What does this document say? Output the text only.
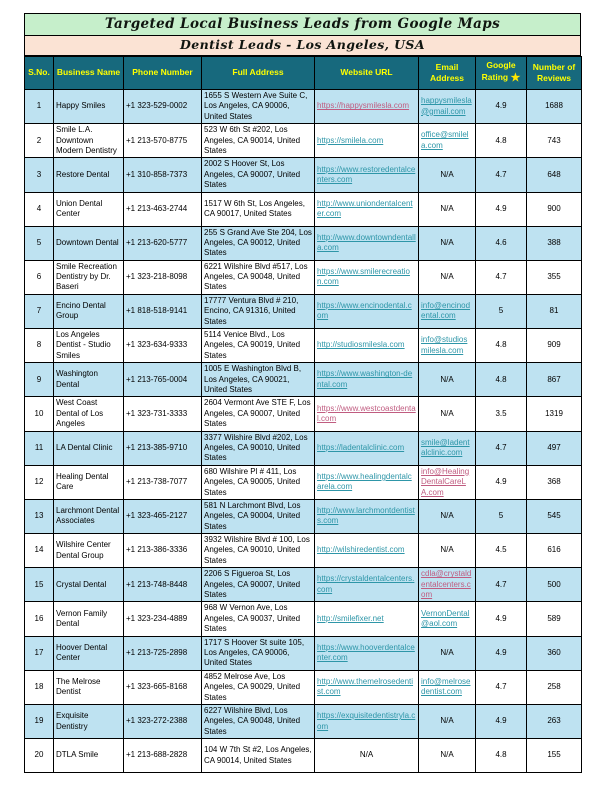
Targeted Local Business Leads from Google Maps
Dentist Leads - Los Angeles, USA
S.No.	Business Name	Phone Number	Full Address	Website URL	Email Address	Google Rating ★	Number of Reviews
1	Happy Smiles	+1 323-529-0002	1655 S Western Ave Suite C, Los Angeles, CA 90006, United States	https://happysmilesla.com	happysmilesla@gmail.com	4.9	1688
2	Smile L.A. Downtown Modern Dentistry	+1 213-570-8775	523 W 6th St #202, Los Angeles, CA 90014, United States	https://smilela.com	office@smilela.com	4.8	743
3	Restore Dental	+1 310-858-7373	2002 S Hoover St, Los Angeles, CA 90007, United States	https://www.restoredentalcenters.com	N/A	4.7	648
4	Union Dental Center	+1 213-463-2744	1517 W 6th St, Los Angeles, CA 90017, United States	http://www.uniondentalcenter.com	N/A	4.9	900
5	Downtown Dental	+1 213-620-5777	255 S Grand Ave Ste 204, Los Angeles, CA 90012, United States	http://www.downtowndentalla.com	N/A	4.6	388
6	Smile Recreation Dentistry by Dr. Baseri	+1 323-218-8098	6221 Wilshire Blvd #517, Los Angeles, CA 90048, United States	https://www.smilerecreation.com	N/A	4.7	355
7	Encino Dental Group	+1 818-518-9141	17777 Ventura Blvd # 210, Encino, CA 91316, United States	https://www.encinodental.com	info@encinodental.com	5	81
8	Los Angeles Dentist - Studio Smiles	+1 323-634-9333	5114 Venice Blvd., Los Angeles, CA 90019, United States	http://studiosmilesla.com	info@studiosmilesla.com	4.8	909
9	Washington Dental	+1 213-765-0004	1005 E Washington Blvd B, Los Angeles, CA 90021, United States	https://www.washington-dental.com	N/A	4.8	867
10	West Coast Dental of Los Angeles	+1 323-731-3333	2604 Vermont Ave STE F, Los Angeles, CA 90007, United States	https://www.westcoastdental.com	N/A	3.5	1319
11	LA Dental Clinic	+1 213-385-9710	3377 Wilshire Blvd #202, Los Angeles, CA 90010, United States	https://ladentalclinic.com	smile@ladentalclinic.com	4.7	497
12	Healing Dental Care	+1 213-738-7077	680 Wilshire Pl # 411, Los Angeles, CA 90005, United States	https://www.healingdentalcarela.com	info@HealingDentalCareLA.com	4.9	368
13	Larchmont Dental Associates	+1 323-465-2127	581 N Larchmont Blvd, Los Angeles, CA 90004, United States	http://www.larchmontdentists.com	N/A	5	545
14	Wilshire Center Dental Group	+1 213-386-3336	3932 Wilshire Blvd # 100, Los Angeles, CA 90010, United States	http://wilshiredentist.com	N/A	4.5	616
15	Crystal Dental	+1 213-748-8448	2206 S Figueroa St, Los Angeles, CA 90007, United States	https://crystaldentalcenters.com	cdla@crystaldentalcenters.com	4.7	500
16	Vernon Family Dental	+1 323-234-4889	968 W Vernon Ave, Los Angeles, CA 90037, United States	http://smilefixer.net	VernonDental@aol.com	4.9	589
17	Hoover Dental Center	+1 213-725-2898	1717 S Hoover St suite 105, Los Angeles, CA 90006, United States	https://www.hooverdentalcenter.com	N/A	4.9	360
18	The Melrose Dentist	+1 323-665-8168	4852 Melrose Ave, Los Angeles, CA 90029, United States	http://www.themelrosedentist.com	info@melrosedentist.com	4.7	258
19	Exquisite Dentistry	+1 323-272-2388	6227 Wilshire Blvd, Los Angeles, CA 90048, United States	https://exquisitedentistryla.com	N/A	4.9	263
20	DTLA Smile	+1 213-688-2828	104 W 7th St #2, Los Angeles, CA 90014, United States	N/A	N/A	4.8	155
